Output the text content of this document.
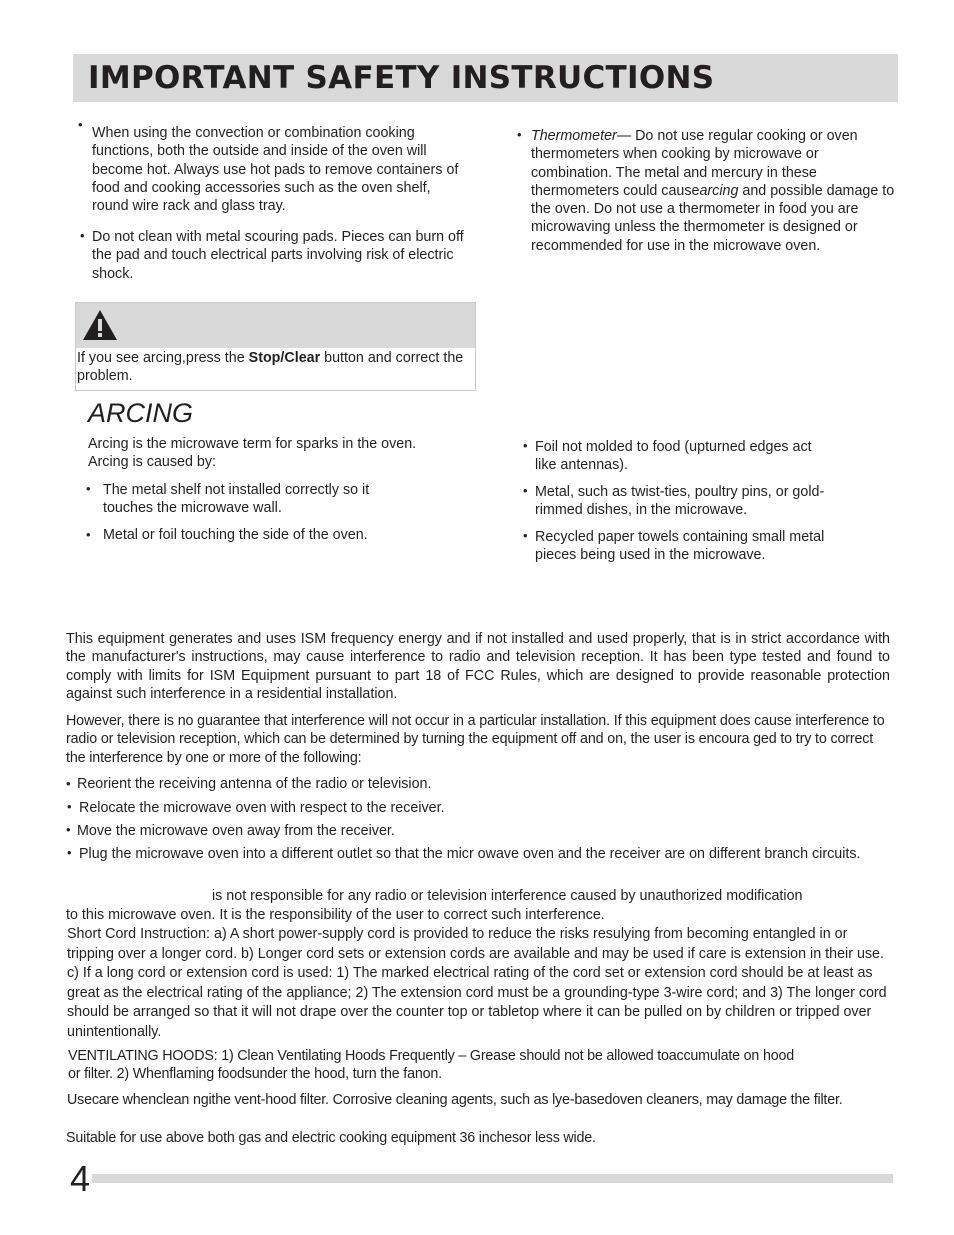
IMPORTANT SAFETY INSTRUCTIONS
•
When using the convection or combination cooking functions, both the outside and inside of the oven will become hot. Always use hot pads to remove containers of food and cooking accessories such as the oven shelf, round wire rack and glass tray.
• Do not clean with metal scouring pads. Pieces can burn off the pad and touch electrical parts involving risk of electric shock.
• Thermometer— Do not use regular cooking or oven thermometers when cooking by microwave or combination. The metal and mercury in these thermometers could causearcing and possible damage to the oven. Do not use a thermometer in food you are microwaving unless the thermometer is designed or recommended for use in the microwave oven.
If you see arcing,press the Stop/Clear button and correct the problem.
ARCING
Arcing is the microwave term for sparks in the oven.
Arcing is caused by:
• The metal shelf not installed correctly so it touches the microwave wall.
• Metal or foil touching the side of the oven.
• Foil not molded to food (upturned edges act like antennas).
• Metal, such as twist-ties, poultry pins, or gold-rimmed dishes, in the microwave.
• Recycled paper towels containing small metal pieces being used in the microwave.
This equipment generates and uses ISM frequency energy and if not installed and used properly, that is in strict accordance with the manufacturer's instructions, may cause interference to radio and television reception. It has been type tested and found to comply with limits for ISM Equipment pursuant to part 18 of FCC Rules, which are designed to provide reasonable protection against such interference in a residential installation.
However, there is no guarantee that interference will not occur in a particular installation. If this equipment does cause interference to radio or television reception, which can be determined by turning the equipment off and on, the user is encoura ged to try to correct the interference by one or more of the following:
• Reorient the receiving antenna of the radio or television.
• Relocate the microwave oven with respect to the receiver.
• Move the microwave oven away from the receiver.
• Plug the microwave oven into a different outlet so that the micr owave oven and the receiver are on different branch circuits.
is not responsible for any radio or television interference caused by unauthorized modification
to this microwave oven. It is the responsibility of the user to correct such interference.
Short Cord Instruction: a) A short power-supply cord is provided to reduce the risks resulying from becoming entangled in or tripping over a longer cord. b) Longer cord sets or extension cords are available and may be used if care is extension in their use. c) If a long cord or extension cord is used: 1) The marked electrical rating of the cord set or extension cord should be at least as great as the electrical rating of the appliance; 2) The extension cord must be a grounding-type 3-wire cord; and 3) The longer cord should be arranged so that it will not drape over the counter top or tabletop where it can be pulled on by children or tripped over unintentionally.
VENTILATING HOODS: 1) Clean Ventilating Hoods Frequently – Grease should not be allowed toaccumulate on hood
or filter. 2) Whenflaming foodsunder the hood, turn the fanon.
Usecare whenclean ngithe vent-hood filter. Corrosive cleaning agents, such as lye-basedoven cleaners, may damage the filter.
Suitable for use above both gas and electric cooking equipment 36 inchesor less wide.
4
